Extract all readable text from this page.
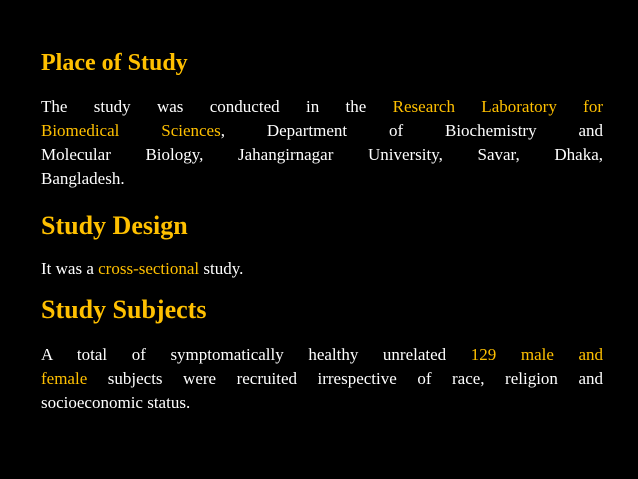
Place of Study
The study was conducted in the Research Laboratory for
Biomedical Sciences, Department of Biochemistry and
Molecular Biology, Jahangirnagar University, Savar, Dhaka,
Bangladesh.
Study Design
It was a cross-sectional study.
Study Subjects
A total of symptomatically healthy unrelated 129 male and
female subjects were recruited irrespective of race, religion and
socioeconomic status.
